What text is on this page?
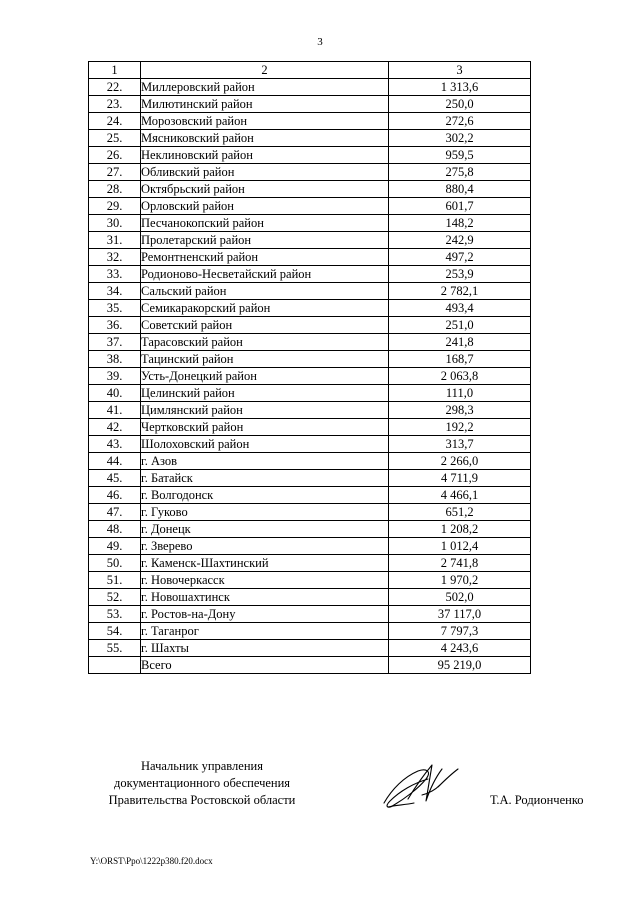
3
1	2	3
22.	Миллеровский район	1 313,6
23.	Милютинский район	250,0
24.	Морозовский район	272,6
25.	Мясниковский район	302,2
26.	Неклиновский район	959,5
27.	Обливский район	275,8
28.	Октябрьский район	880,4
29.	Орловский район	601,7
30.	Песчанокопский район	148,2
31.	Пролетарский район	242,9
32.	Ремонтненский район	497,2
33.	Родионово-Несветайский район	253,9
34.	Сальский район	2 782,1
35.	Семикаракорский район	493,4
36.	Советский район	251,0
37.	Тарасовский район	241,8
38.	Тацинский район	168,7
39.	Усть-Донецкий район	2 063,8
40.	Целинский район	111,0
41.	Цимлянский район	298,3
42.	Чертковский район	192,2
43.	Шолоховский район	313,7
44.	г. Азов	2 266,0
45.	г. Батайск	4 711,9
46.	г. Волгодонск	4 466,1
47.	г. Гуково	651,2
48.	г. Донецк	1 208,2
49.	г. Зверево	1 012,4
50.	г. Каменск-Шахтинский	2 741,8
51.	г. Новочеркасск	1 970,2
52.	г. Новошахтинск	502,0
53.	г. Ростов-на-Дону	37 117,0
54.	г. Таганрог	7 797,3
55.	г. Шахты	4 243,6
	Всего	95 219,0
Начальник управления
документационного обеспечения
Правительства Ростовской области	Т.А. Родионченко
Y:\ORST\Ppo\1222p380.f20.docx
